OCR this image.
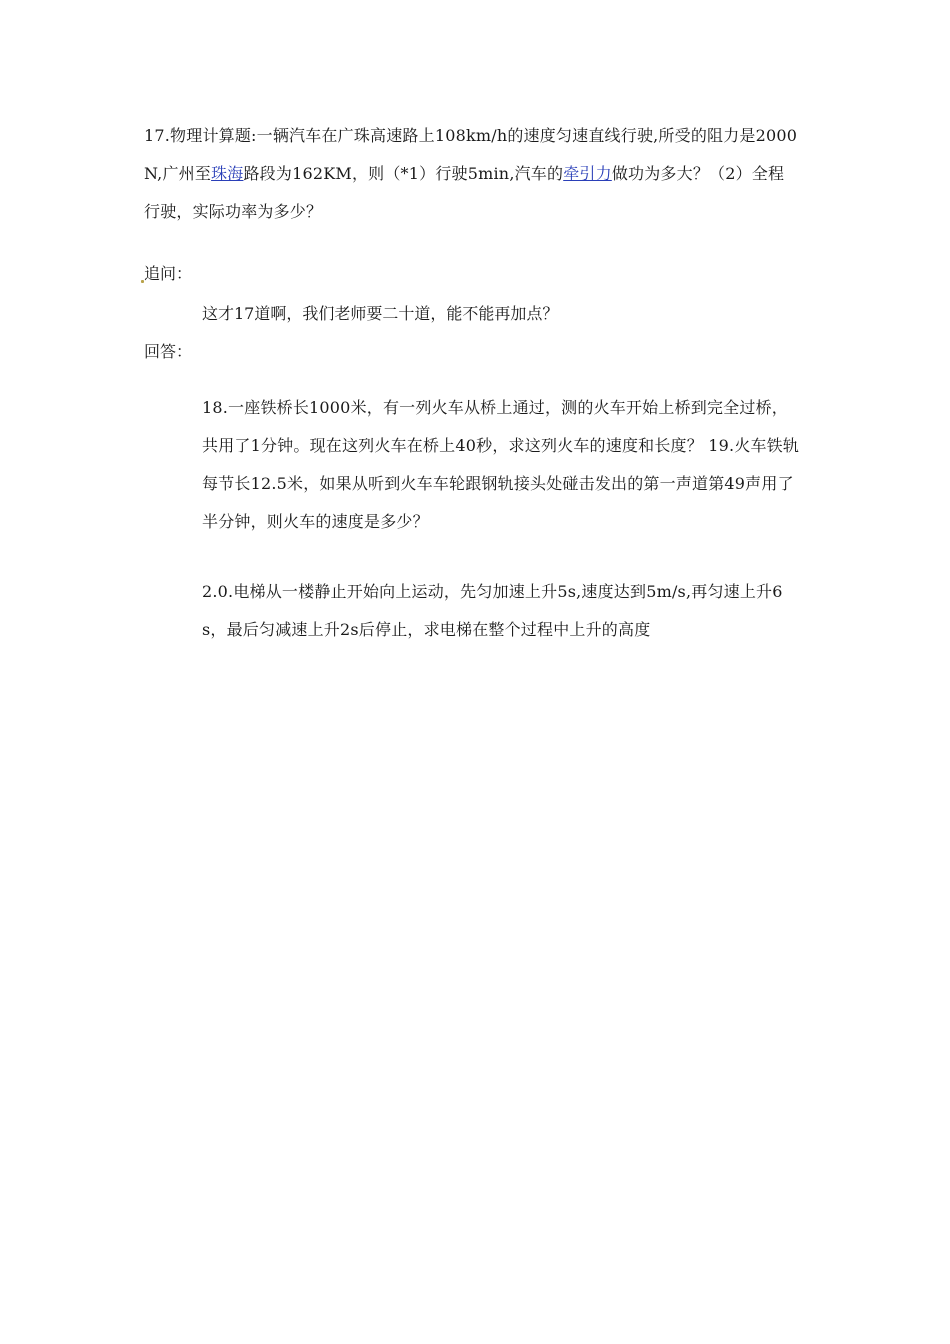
17.物理计算题:一辆汽车在广珠高速路上108km/h的速度匀速直线行驶,所受的阻力是2000N,广州至珠海路段为162KM，则（*1）行驶5min,汽车的牵引力做功为多大？（2）全程行驶，实际功率为多少？

追问：
这才17道啊，我们老师要二十道，能不能再加点？
回答：

18.一座铁桥长1000米，有一列火车从桥上通过，测的火车开始上桥到完全过桥，共用了1分钟。现在这列火车在桥上40秒，求这列火车的速度和长度？ 19.火车铁轨每节长12.5米，如果从听到火车车轮跟钢轨接头处碰击发出的第一声道第49声用了半分钟，则火车的速度是多少？

2.0.电梯从一楼静止开始向上运动，先匀加速上升5s,速度达到5m/s,再匀速上升6s，最后匀减速上升2s后停止，求电梯在整个过程中上升的高度
